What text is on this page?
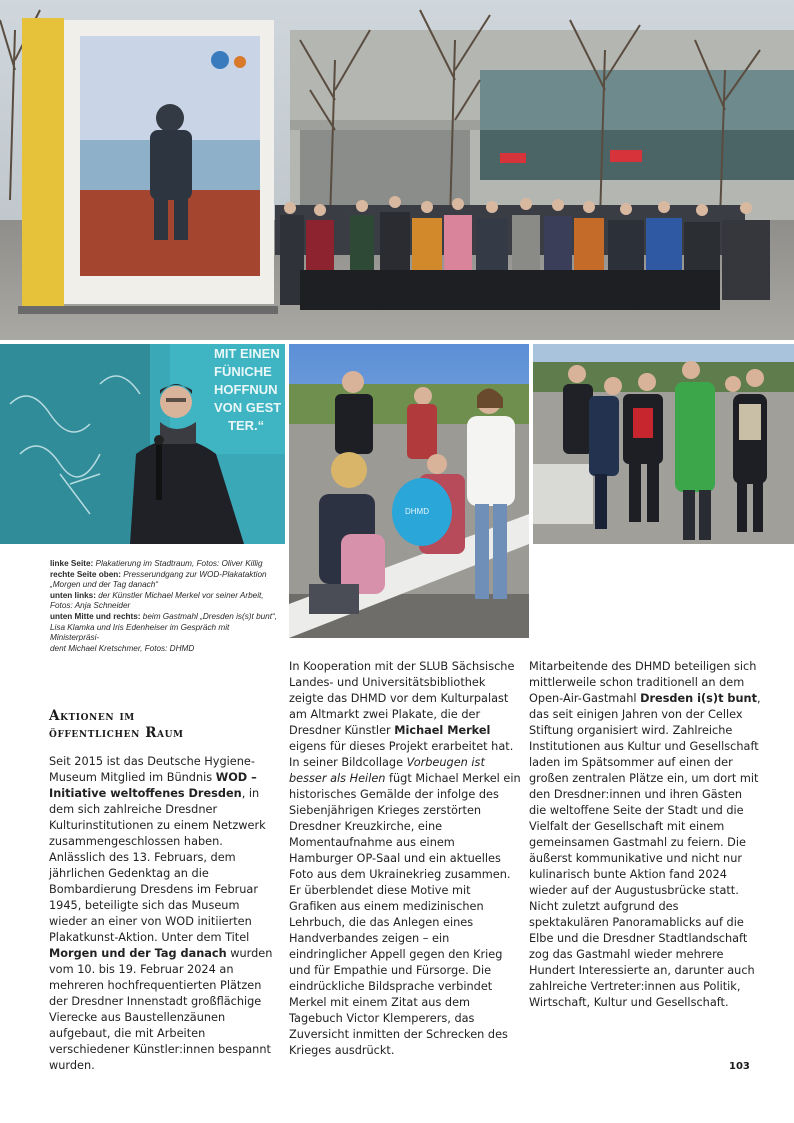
MIT EINEN
FÜNICHE
HOFFNUN
VON GEST
TER.“
DHMD
linke Seite: Plakatierung im Stadtraum, Fotos: Oliver Killig
rechte Seite oben: Presserundgang zur WOD-Plakataktion
„Morgen und der Tag danach“
unten links: der Künstler Michael Merkel vor seiner Arbeit,
Fotos: Anja Schneider
unten Mitte und rechts: beim Gastmahl „Dresden is(s)t bunt“,
Lisa Klamka und Iris Edenheiser im Gespräch mit Ministerpräsi-
dent Michael Kretschmer, Fotos: DHMD
Aktionen im
öffentlichen Raum
Seit 2015 ist das Deutsche Hygiene-Museum Mitglied im Bündnis WOD – Initiative weltoffenes Dresden, in dem sich zahlreiche Dresdner Kulturinstitutionen zu einem Netzwerk zusammengeschlossen haben. Anlässlich des 13. Februars, dem jährlichen Gedenktag an die Bombardierung Dresdens im Februar 1945, beteiligte sich das Museum wieder an einer von WOD initiierten Plakatkunst-Aktion. Unter dem Titel Morgen und der Tag danach wurden vom 10. bis 19. Februar 2024 an mehreren hochfrequentierten Plätzen der Dresdner Innenstadt großflächige Vierecke aus Baustellenzäunen aufgebaut, die mit Arbeiten verschiedener Künstler:innen bespannt wurden.
In Kooperation mit der SLUB Sächsische Landes- und Universitätsbibliothek zeigte das DHMD vor dem Kulturpalast am Altmarkt zwei Plakate, die der Dresdner Künstler Michael Merkel eigens für dieses Projekt erarbeitet hat. In seiner Bildcollage Vorbeugen ist besser als Heilen fügt Michael Merkel ein historisches Gemälde der infolge des Siebenjährigen Krieges zerstörten Dresdner Kreuzkirche, eine Momentaufnahme aus einem Hamburger OP-Saal und ein aktuelles Foto aus dem Ukrainekrieg zusammen. Er überblendet diese Motive mit Grafiken aus einem medizinischen Lehrbuch, die das Anlegen eines Handverbandes zeigen – ein eindringlicher Appell gegen den Krieg und für Empathie und Fürsorge. Die eindrückliche Bildsprache verbindet Merkel mit einem Zitat aus dem Tagebuch Victor Klemperers, das Zuversicht inmitten der Schrecken des Krieges ausdrückt.
Mitarbeitende des DHMD beteiligen sich mittlerweile schon traditionell an dem Open-Air-Gastmahl Dresden i(s)t bunt, das seit einigen Jahren von der Cellex Stiftung organisiert wird. Zahlreiche Institutionen aus Kultur und Gesellschaft laden im Spätsommer auf einen der großen zentralen Plätze ein, um dort mit den Dresdner:innen und ihren Gästen die weltoffene Seite der Stadt und die Vielfalt der Gesellschaft mit einem gemeinsamen Gastmahl zu feiern. Die äußerst kommunikative und nicht nur kulinarisch bunte Aktion fand 2024 wieder auf der Augustusbrücke statt. Nicht zuletzt aufgrund des spektakulären Panoramablicks auf die Elbe und die Dresdner Stadtlandschaft zog das Gastmahl wieder mehrere Hundert Interessierte an, darunter auch zahlreiche Vertreter:innen aus Politik, Wirtschaft, Kultur und Gesellschaft.
103
